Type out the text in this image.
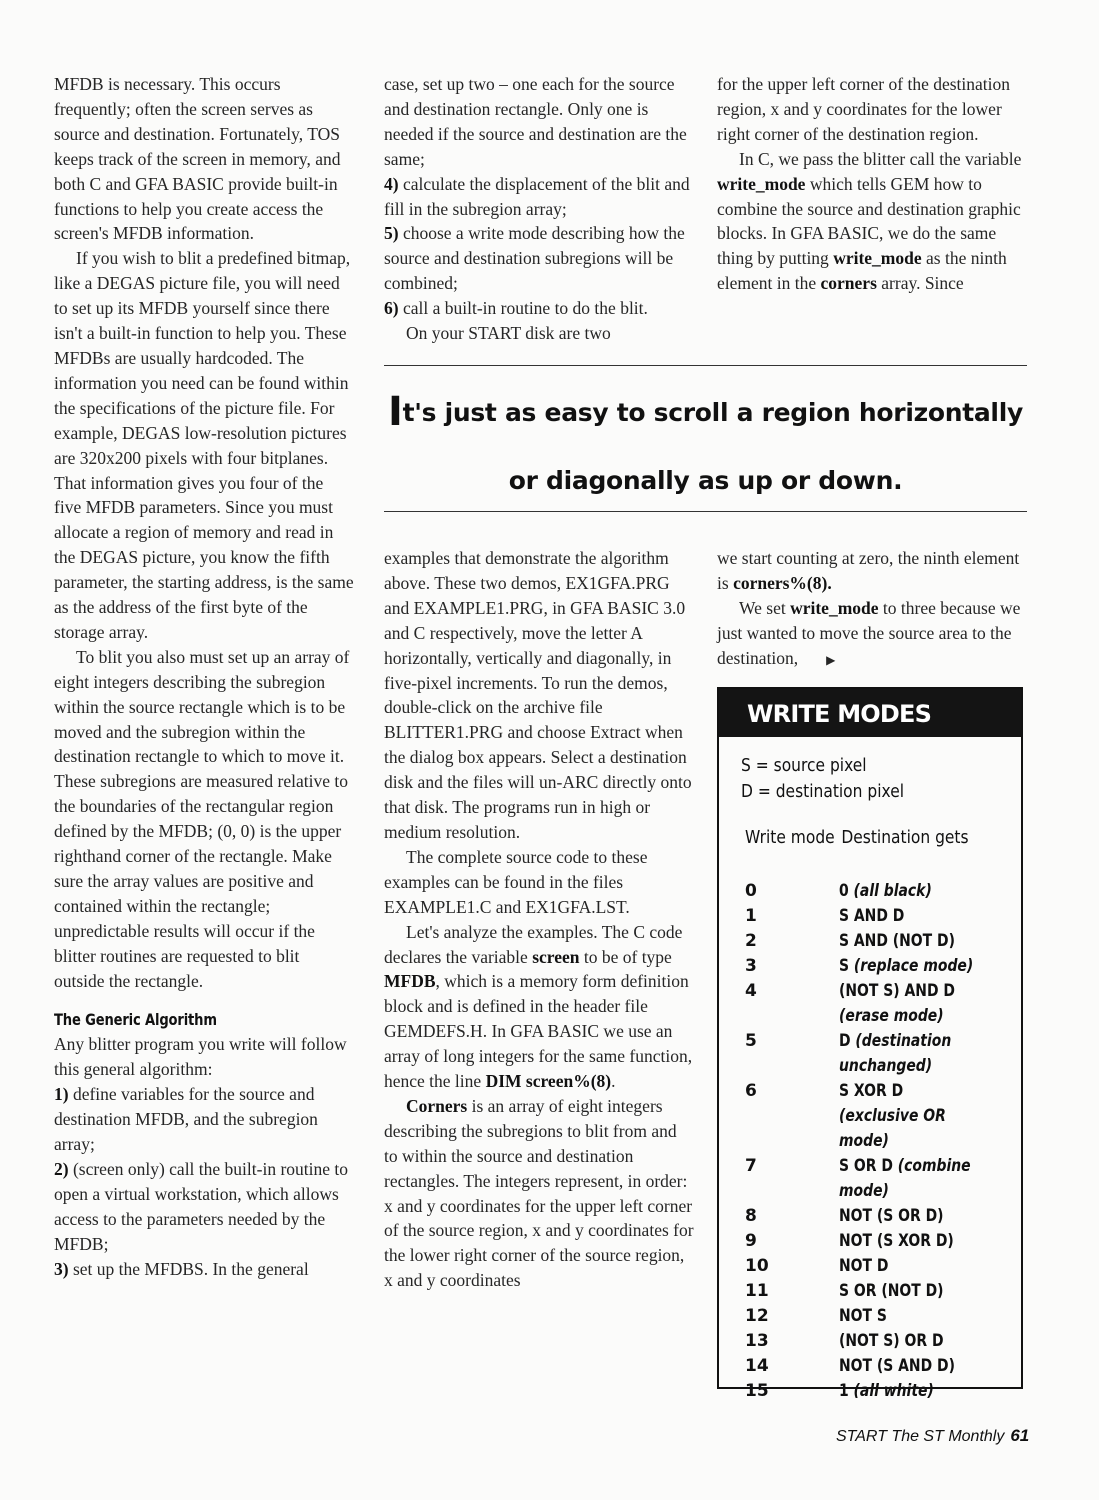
MFDB is necessary. This occurs frequently; often the screen serves as source and destination. Fortunately, TOS keeps track of the screen in memory, and both C and GFA BASIC provide built-in functions to help you create access the screen's MFDB information.

If you wish to blit a predefined bitmap, like a DEGAS picture file, you will need to set up its MFDB yourself since there isn't a built-in function to help you. These MFDBs are usually hardcoded. The information you need can be found within the specifications of the picture file. For example, DEGAS low-resolution pictures are 320x200 pixels with four bitplanes. That information gives you four of the five MFDB parameters. Since you must allocate a region of memory and read in the DEGAS picture, you know the fifth parameter, the starting address, is the same as the address of the first byte of the storage array.

To blit you also must set up an array of eight integers describing the subregion within the source rectangle which is to be moved and the subregion within the destination rectangle to which to move it. These subregions are measured relative to the boundaries of the rectangular region defined by the MFDB; (0, 0) is the upper righthand corner of the rectangle. Make sure the array values are positive and contained within the rectangle; unpredictable results will occur if the blitter routines are requested to blit outside the rectangle.

The Generic Algorithm

Any blitter program you write will follow this general algorithm:

1) define variables for the source and destination MFDB, and the subregion array;

2) (screen only) call the built-in routine to open a virtual workstation, which allows access to the parameters needed by the MFDB;

3) set up the MFDBS. In the general

case, set up two – one each for the source and destination rectangle. Only one is needed if the source and destination are the same;

4) calculate the displacement of the blit and fill in the subregion array;

5) choose a write mode describing how the source and destination subregions will be combined;

6) call a built-in routine to do the blit.

On your START disk are two

for the upper left corner of the destination region, x and y coordinates for the lower right corner of the destination region.

In C, we pass the blitter call the variable write_mode which tells GEM how to combine the source and destination graphic blocks. In GFA BASIC, we do the same thing by putting write_mode as the ninth element in the corners array. Since

It's just as easy to scroll a region horizontally
or diagonally as up or down.

examples that demonstrate the algorithm above. These two demos, EX1GFA.PRG and EXAMPLE1.PRG, in GFA BASIC 3.0 and C respectively, move the letter A horizontally, vertically and diagonally, in five-pixel increments. To run the demos, double-click on the archive file BLITTER1.PRG and choose Extract when the dialog box appears. Select a destination disk and the files will un-ARC directly onto that disk. The programs run in high or medium resolution.

The complete source code to these examples can be found in the files EXAMPLE1.C and EX1GFA.LST.

Let's analyze the examples. The C code declares the variable screen to be of type MFDB, which is a memory form definition block and is defined in the header file GEMDEFS.H. In GFA BASIC we use an array of long integers for the same function, hence the line DIM screen%(8).

Corners is an array of eight integers describing the subregions to blit from and to within the source and destination rectangles. The integers represent, in order: x and y coordinates for the upper left corner of the source region, x and y coordinates for the lower right corner of the source region, x and y coordinates

we start counting at zero, the ninth element is corners%(8).

We set write_mode to three because we just wanted to move the source area to the destination, ▶

WRITE MODES
S = source pixel
D = destination pixel
Write mode Destination gets
0	0 (all black)
1	S AND D
2	S AND (NOT D)
3	S (replace mode)
4	(NOT S) AND D
(erase mode)
5	D (destination
unchanged)
6	S XOR D (exclusive OR
mode)
7	S OR D (combine
mode)
8	NOT (S OR D)
9	NOT (S XOR D)
10	NOT D
11	S OR (NOT D)
12	NOT S
13	(NOT S) OR D
14	NOT (S AND D)
15	1 (all white)
START The ST Monthly 61
